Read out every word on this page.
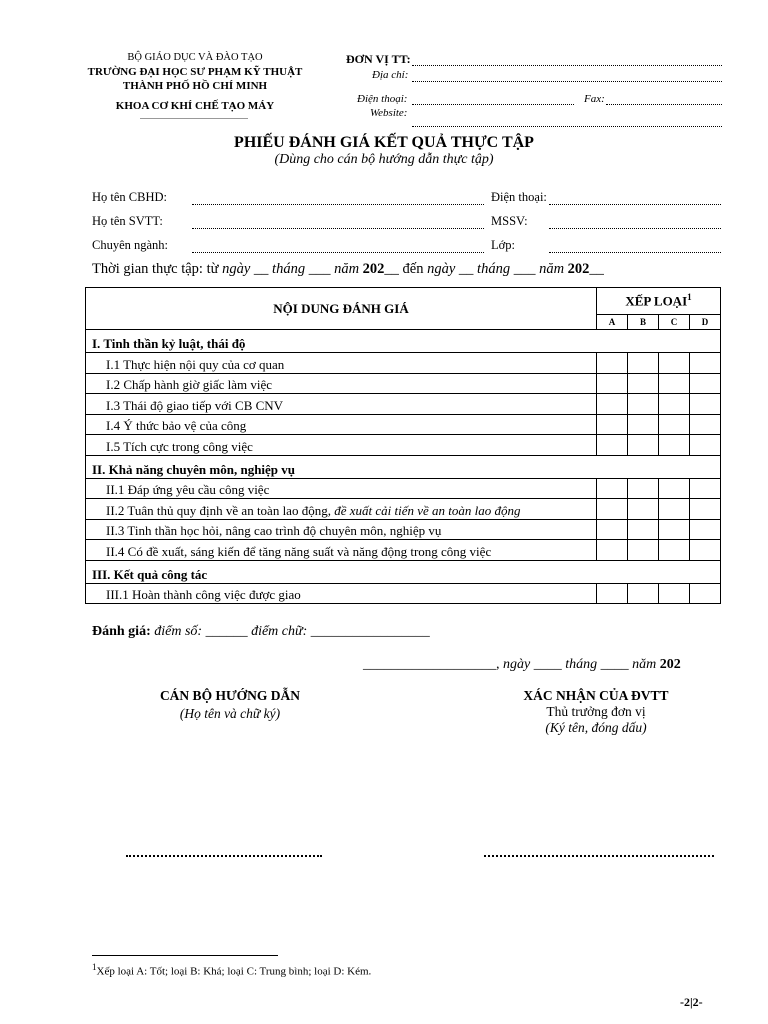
BỘ GIÁO DỤC VÀ ĐÀO TẠO
TRƯỜNG ĐẠI HỌC SƯ PHẠM KỸ THUẬT
THÀNH PHỐ HỒ CHÍ MINH
KHOA CƠ KHÍ CHẾ TẠO MÁY
ĐƠN VỊ TT:
Địa chỉ:
Điện thoại:	Fax:
Website:
PHIẾU ĐÁNH GIÁ KẾT QUẢ THỰC TẬP
(Dùng cho cán bộ hướng dẫn thực tập)
Họ tên CBHD:	Điện thoại:
Họ tên SVTT:	MSSV:
Chuyên ngành:	Lớp:
Thời gian thực tập: từ ngày __ tháng ___ năm 202__ đến ngày __ tháng ___ năm 202__
NỘI DUNG ĐÁNH GIÁ	XẾP LOẠI$^1$
	A	B	C	D
I. Tinh thần kỷ luật, thái độ				
I.1 Thực hiện nội quy của cơ quan				
I.2 Chấp hành giờ giấc làm việc				
I.3 Thái độ giao tiếp với CB CNV				
I.4 Ý thức bảo vệ của công				
I.5 Tích cực trong công việc				
II. Khả năng chuyên môn, nghiệp vụ				
II.1 Đáp ứng yêu cầu công việc				
II.2 Tuân thủ quy định về an toàn lao động, đề xuất cải tiến về an toàn lao động				
II.3 Tinh thần học hỏi, nâng cao trình độ chuyên môn, nghiệp vụ				
II.4 Có đề xuất, sáng kiến để tăng năng suất và năng động trong công việc				
III. Kết quả công tác				
III.1 Hoàn thành công việc được giao				
Đánh giá: điểm số: ______ điểm chữ: _________________
___________________, ngày ____ tháng ____ năm 202
CÁN BỘ HƯỚNG DẪN
(Họ tên và chữ ký)
XÁC NHẬN CỦA ĐVTT
Thủ trưởng đơn vị
(Ký tên, đóng dấu)
$^1$Xếp loại A: Tốt; loại B: Khá; loại C: Trung bình; loại D: Kém.
-2|2-
